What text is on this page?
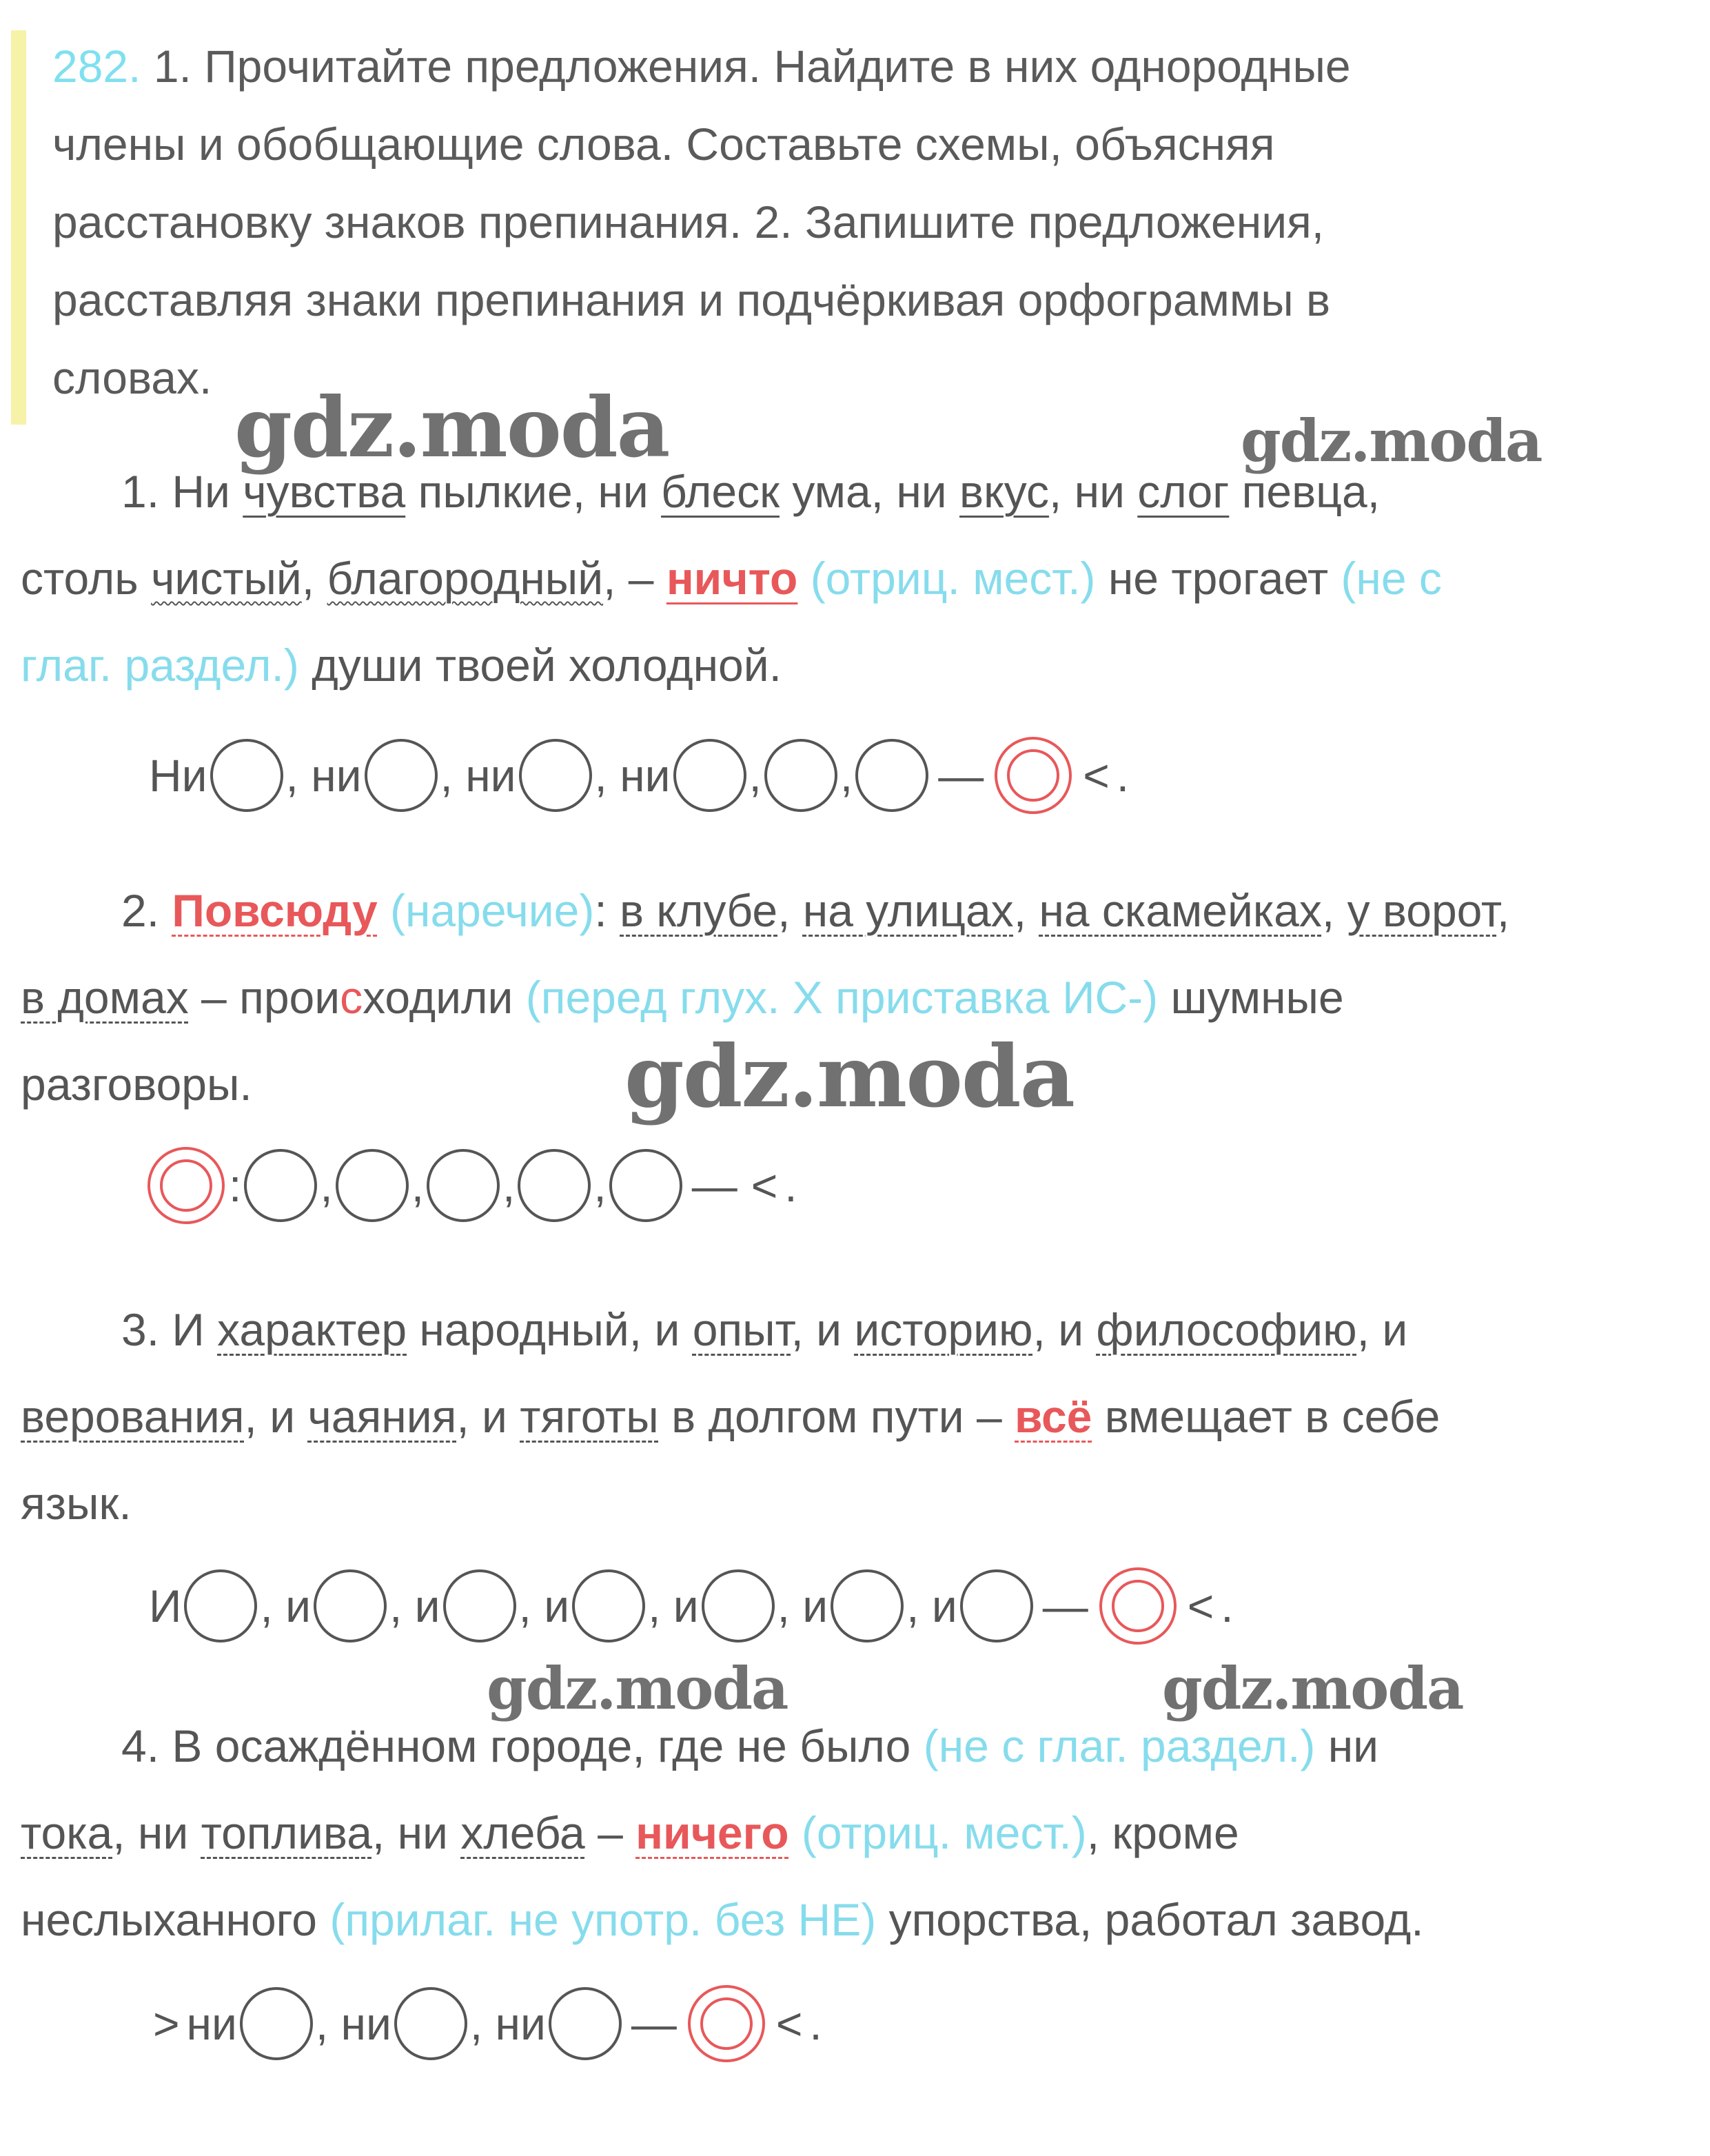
282. 1. Прочитайте предложения. Найдите в них однородные
члены и обобщающие слова. Составьте схемы, объясняя
расстановку знаков препинания. 2. Запишите предложения,
расставляя знаки препинания и подчёркивая орфограммы в
словах.
1. Ни чувства пылкие, ни блеск ума, ни вкус, ни слог певца,
столь чистый, благородный, – ничто (отриц. мест.) не трогает (не с
глаг. раздел.) души твоей холодной.
Ни , ни , ни , ни , , — < .
2. Повсюду (наречие): в клубе, на улицах, на скамейках, у ворот,
в домах – происходили (перед глух. Х приставка ИС-) шумные
разговоры.
: , , , , — < .
3. И характер народный, и опыт, и историю, и философию, и
верования, и чаяния, и тяготы в долгом пути – всё вмещает в себе
язык.
И , и , и , и , и , и , и — < .
4. В осаждённом городе, где не было (не с глаг. раздел.) ни
тока, ни топлива, ни хлеба – ничего (отриц. мест.), кроме
неслыханного (прилаг. не употр. без НЕ) упорства, работал завод.
> ни , ни , ни — < .
gdz.moda	gdz.moda
gdz.moda
gdz.moda	gdz.moda
